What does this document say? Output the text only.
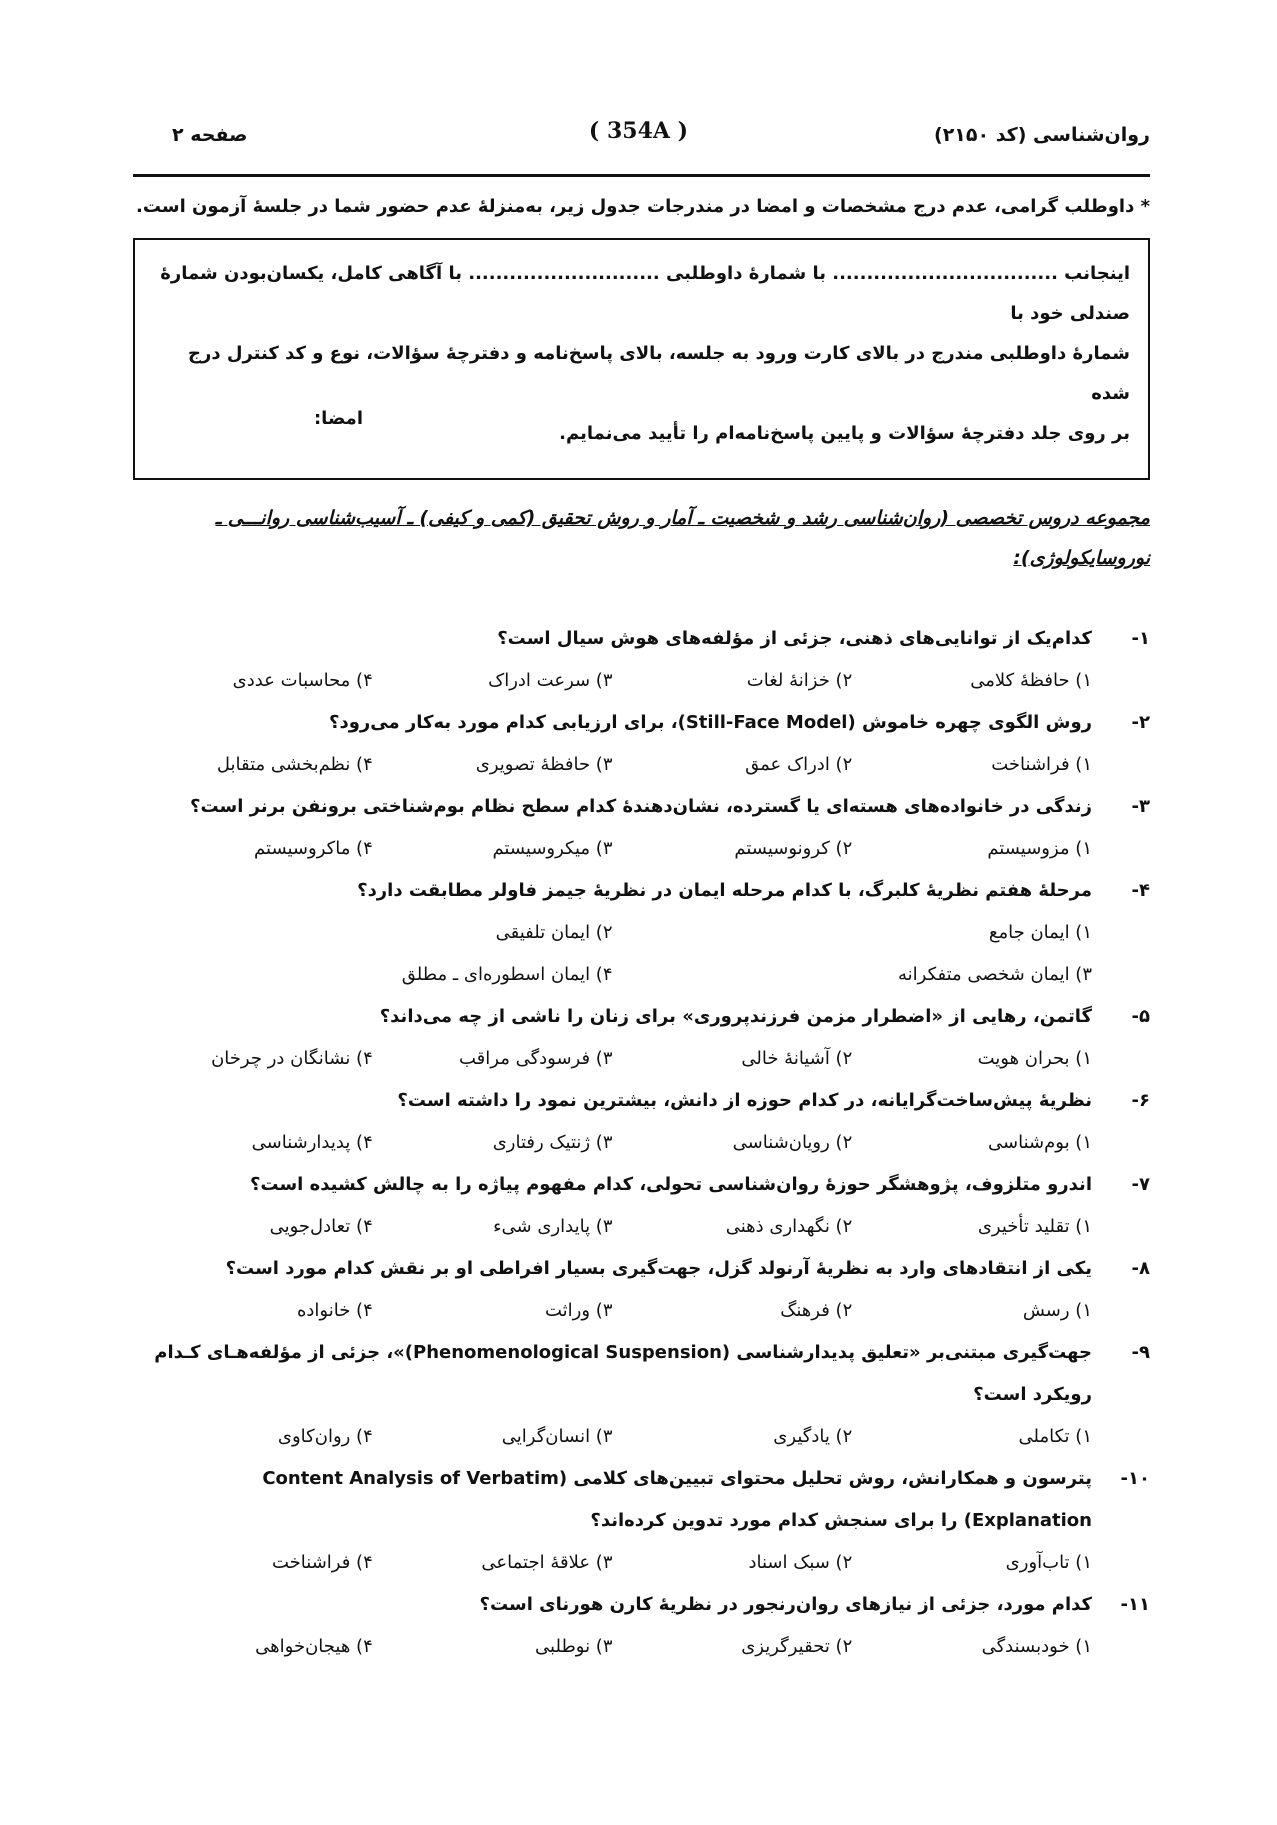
روان‌شناسی (کد ۲۱۵۰)
( 354A )
صفحه ۲
* داوطلب گرامی، عدم درج مشخصات و امضا در مندرجات جدول زیر، به‌منزلهٔ عدم حضور شما در جلسهٔ آزمون است.

اینجانب ................................. با شمارهٔ داوطلبی ............................ با آگاهی کامل، یکسان‌بودن شمارهٔ صندلی خود با

شمارهٔ داوطلبی مندرج در بالای کارت ورود به جلسه، بالای پاسخ‌نامه و دفترچهٔ سؤالات، نوع و کد کنترل درج شده

بر روی جلد دفترچهٔ سؤالات و پایین پاسخ‌نامه‌ام را تأیید می‌نمایم.

امضا:
مجموعه دروس تخصصی (روان‌شناسی رشد و شخصیت ـ آمار و روش تحقیق (کمی و کیفی) ـ آسیب‌شناسی روانـــی ـ نوروسایکولوژی):
۱-
کدام‌یک از توانایی‌های ذهنی، جزئی از مؤلفه‌های هوش سیال است؟
۱) حافظهٔ کلامی
۲) خزانهٔ لغات
۳) سرعت ادراک
۴) محاسبات عددی
۲-
روش الگوی چهره خاموش (Still-Face Model)، برای ارزیابی کدام مورد به‌کار می‌رود؟
۱) فراشناخت
۲) ادراک عمق
۳) حافظهٔ تصویری
۴) نظم‌بخشی متقابل
۳-
زندگی در خانواده‌های هسته‌ای یا گسترده، نشان‌دهندهٔ کدام سطح نظام بوم‌شناختی برونفن برنر است؟
۱) مزوسیستم
۲) کرونوسیستم
۳) میکروسیستم
۴) ماکروسیستم
۴-
مرحلهٔ هفتم نظریهٔ کلبرگ، با کدام مرحله ایمان در نظریهٔ جیمز فاولر مطابقت دارد؟
۱) ایمان جامع
۲) ایمان تلفیقی
۳) ایمان شخصی متفکرانه
۴) ایمان اسطوره‌ای ـ مطلق
۵-
گاتمن، رهایی از «اضطرار مزمن فرزندپروری» برای زنان را ناشی از چه می‌داند؟
۱) بحران هویت
۲) آشیانهٔ خالی
۳) فرسودگی مراقب
۴) نشانگان در چرخان
۶-
نظریهٔ پیش‌ساخت‌گرایانه، در کدام حوزه از دانش، بیشترین نمود را داشته است؟
۱) بوم‌شناسی
۲) رویان‌شناسی
۳) ژنتیک رفتاری
۴) پدیدارشناسی
۷-
اندرو متلزوف، پژوهشگر حوزهٔ روان‌شناسی تحولی، کدام مفهوم پیاژه را به چالش کشیده است؟
۱) تقلید تأخیری
۲) نگهداری ذهنی
۳) پایداری شیء
۴) تعادل‌جویی
۸-
یکی از انتقادهای وارد به نظریهٔ آرنولد گزل، جهت‌گیری بسیار افراطی او بر نقش کدام مورد است؟
۱) رسش
۲) فرهنگ
۳) وراثت
۴) خانواده
۹-
جهت‌گیری مبتنی‌بر «تعلیق پدیدارشناسی (Phenomenological Suspension)»، جزئی از مؤلفه‌هـای کـدام رویکرد است؟
۱) تکاملی
۲) یادگیری
۳) انسان‌گرایی
۴) روان‌کاوی
۱۰-
پترسون و همکارانش، روش تحلیل محتوای تبیین‌های کلامی (Content Analysis of Verbatim Explanation) را برای سنجش کدام مورد تدوین کرده‌اند؟
۱) تاب‌آوری
۲) سبک اسناد
۳) علاقهٔ اجتماعی
۴) فراشناخت
۱۱-
کدام مورد، جزئی از نیازهای روان‌رنجور در نظریهٔ کارن هورنای است؟
۱) خودبسندگی
۲) تحقیرگریزی
۳) نوطلبی
۴) هیجان‌خواهی
